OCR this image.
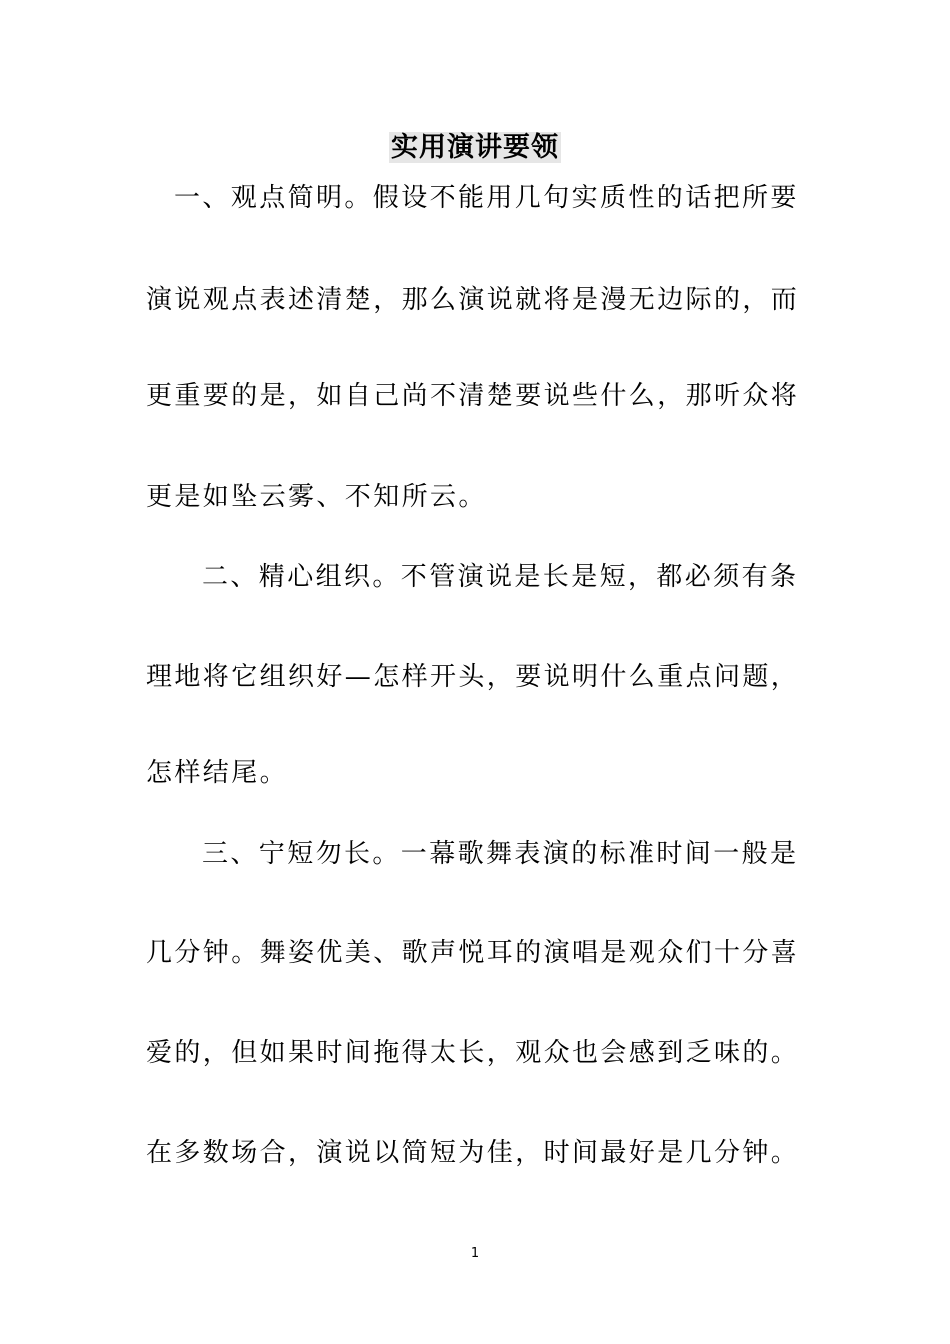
实用演讲要领
一、观点简明。假设不能用几句实质性的话把所要
演说观点表述清楚，那么演说就将是漫无边际的，而
更重要的是，如自己尚不清楚要说些什么，那听众将
更是如坠云雾、不知所云。
二、精心组织。不管演说是长是短，都必须有条
理地将它组织好—怎样开头，要说明什么重点问题，
怎样结尾。
三、宁短勿长。一幕歌舞表演的标准时间一般是
几分钟。舞姿优美、歌声悦耳的演唱是观众们十分喜
爱的，但如果时间拖得太长，观众也会感到乏味的。
在多数场合，演说以简短为佳，时间最好是几分钟。
1
